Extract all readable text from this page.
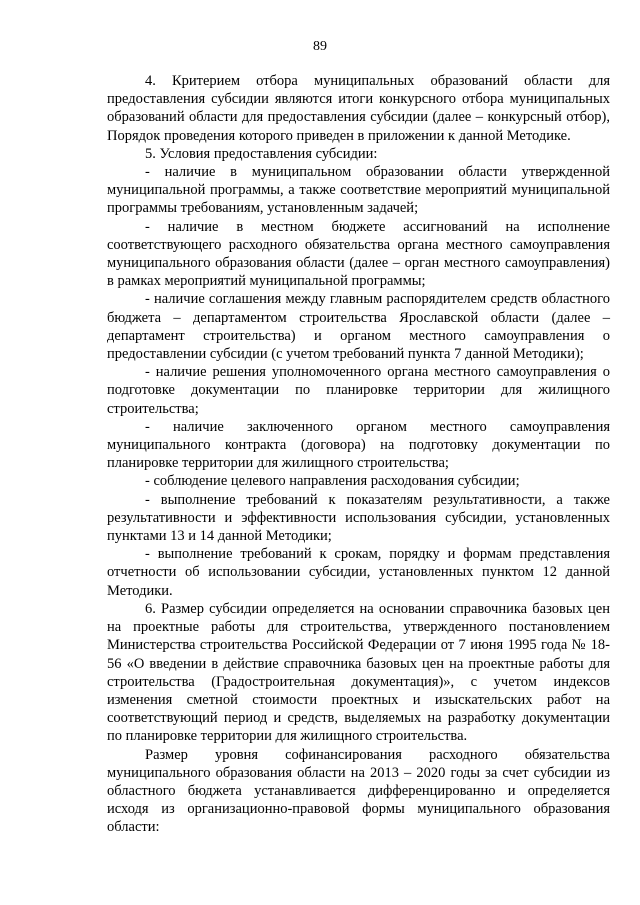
89

4. Критерием отбора муниципальных образований области для предоставления субсидии являются итоги конкурсного отбора муниципальных образований области для предоставления субсидии (далее – конкурсный отбор), Порядок проведения которого приведен в приложении к данной Методике.

5. Условия предоставления субсидии:

- наличие в муниципальном образовании области утвержденной муниципальной программы, а также соответствие мероприятий муниципальной программы требованиям, установленным задачей;

- наличие в местном бюджете ассигнований на исполнение соответствующего расходного обязательства органа местного самоуправления муниципального образования области (далее – орган местного самоуправления) в рамках мероприятий муниципальной программы;

- наличие соглашения между главным распорядителем средств областного бюджета – департаментом строительства Ярославской области (далее – департамент строительства) и органом местного самоуправления о предоставлении субсидии (с учетом требований пункта 7 данной Методики);

- наличие решения уполномоченного органа местного самоуправления о подготовке документации по планировке территории для жилищного строительства;

- наличие заключенного органом местного самоуправления муниципального контракта (договора) на подготовку документации по планировке территории для жилищного строительства;

- соблюдение целевого направления расходования субсидии;

- выполнение требований к показателям результативности, а также результативности и эффективности использования субсидии, установленных пунктами 13 и 14 данной Методики;

- выполнение требований к срокам, порядку и формам представления отчетности об использовании субсидии, установленных пунктом 12 данной Методики.

6. Размер субсидии определяется на основании справочника базовых цен на проектные работы для строительства, утвержденного постановлением Министерства строительства Российской Федерации от 7 июня 1995 года № 18-56 «О введении в действие справочника базовых цен на проектные работы для строительства (Градостроительная документация)», с учетом индексов изменения сметной стоимости проектных и изыскательских работ на соответствующий период и средств, выделяемых на разработку документации по планировке территории для жилищного строительства.

Размер уровня софинансирования расходного обязательства муниципального образования области на 2013 – 2020 годы за счет субсидии из областного бюджета устанавливается дифференцированно и определяется исходя из организационно-правовой формы муниципального образования области:
